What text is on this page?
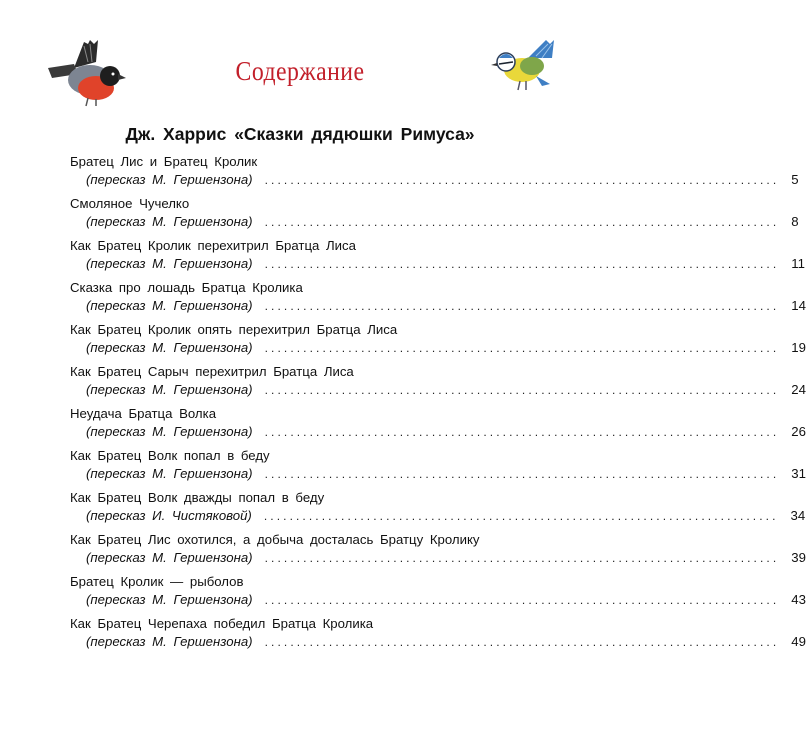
Содержание
Дж. Харрис «Сказки дядюшки Римуса»
Братец Лис и Братец Кролик
(пересказ М. Гершензона) ................................................................................ 5
Смоляное Чучелко
(пересказ М. Гершензона) ................................................................................ 8
Как Братец Кролик перехитрил Братца Лиса
(пересказ М. Гершензона) ................................................................................ 11
Сказка про лошадь Братца Кролика
(пересказ М. Гершензона) ................................................................................ 14
Как Братец Кролик опять перехитрил Братца Лиса
(пересказ М. Гершензона) ................................................................................ 19
Как Братец Сарыч перехитрил Братца Лиса
(пересказ М. Гершензона) ................................................................................ 24
Неудача Братца Волка
(пересказ М. Гершензона) ................................................................................ 26
Как Братец Волк попал в беду
(пересказ М. Гершензона) ................................................................................ 31
Как Братец Волк дважды попал в беду
(пересказ И. Чистяковой) ................................................................................ 34
Как Братец Лис охотился, а добыча досталась Братцу Кролику
(пересказ М. Гершензона) ................................................................................ 39
Братец Кролик — рыболов
(пересказ М. Гершензона) ................................................................................ 43
Как Братец Черепаха победил Братца Кролика
(пересказ М. Гершензона) ................................................................................ 49
